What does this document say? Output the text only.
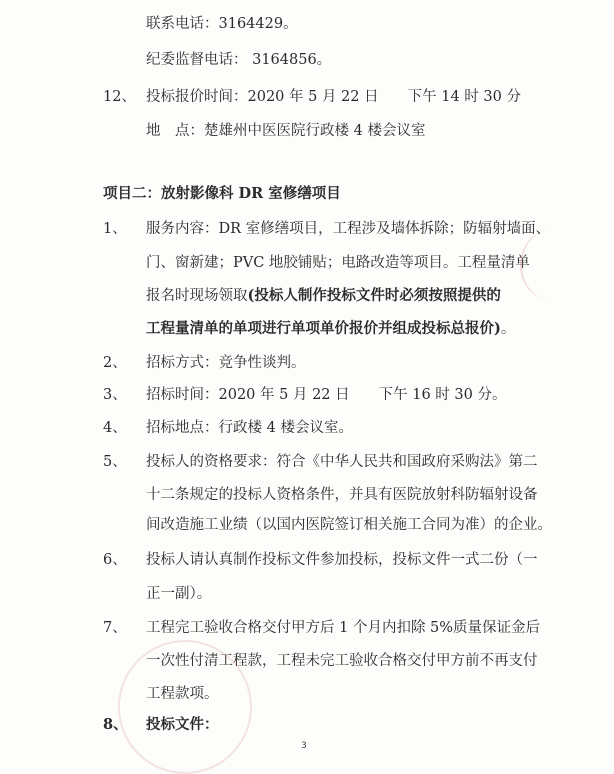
联系电话：3164429。
纪委监督电话： 3164856。
12、 投标报价时间：2020 年 5 月 22 日　　下午 14 时 30 分
地　点：楚雄州中医医院行政楼 4 楼会议室
项目二：放射影像科 DR 室修缮项目
1、 服务内容：DR 室修缮项目，工程涉及墙体拆除；防辐射墙面、
门、窗新建；PVC 地胶铺贴；电路改造等项目。工程量清单
报名时现场领取(投标人制作投标文件时必须按照提供的
工程量清单的单项进行单项单价报价并组成投标总报价)。
2、 招标方式：竞争性谈判。
3、 招标时间：2020 年 5 月 22 日　　下午 16 时 30 分。
4、 招标地点：行政楼 4 楼会议室。
5、 投标人的资格要求：符合《中华人民共和国政府采购法》第二
十二条规定的投标人资格条件，并具有医院放射科防辐射设备
间改造施工业绩（以国内医院签订相关施工合同为准）的企业。
6、 投标人请认真制作投标文件参加投标，投标文件一式二份（一
正一副）。
7、 工程完工验收合格交付甲方后 1 个月内扣除 5%质量保证金后
一次性付清工程款，工程未完工验收合格交付甲方前不再支付
工程款项。
8、 投标文件：
3
